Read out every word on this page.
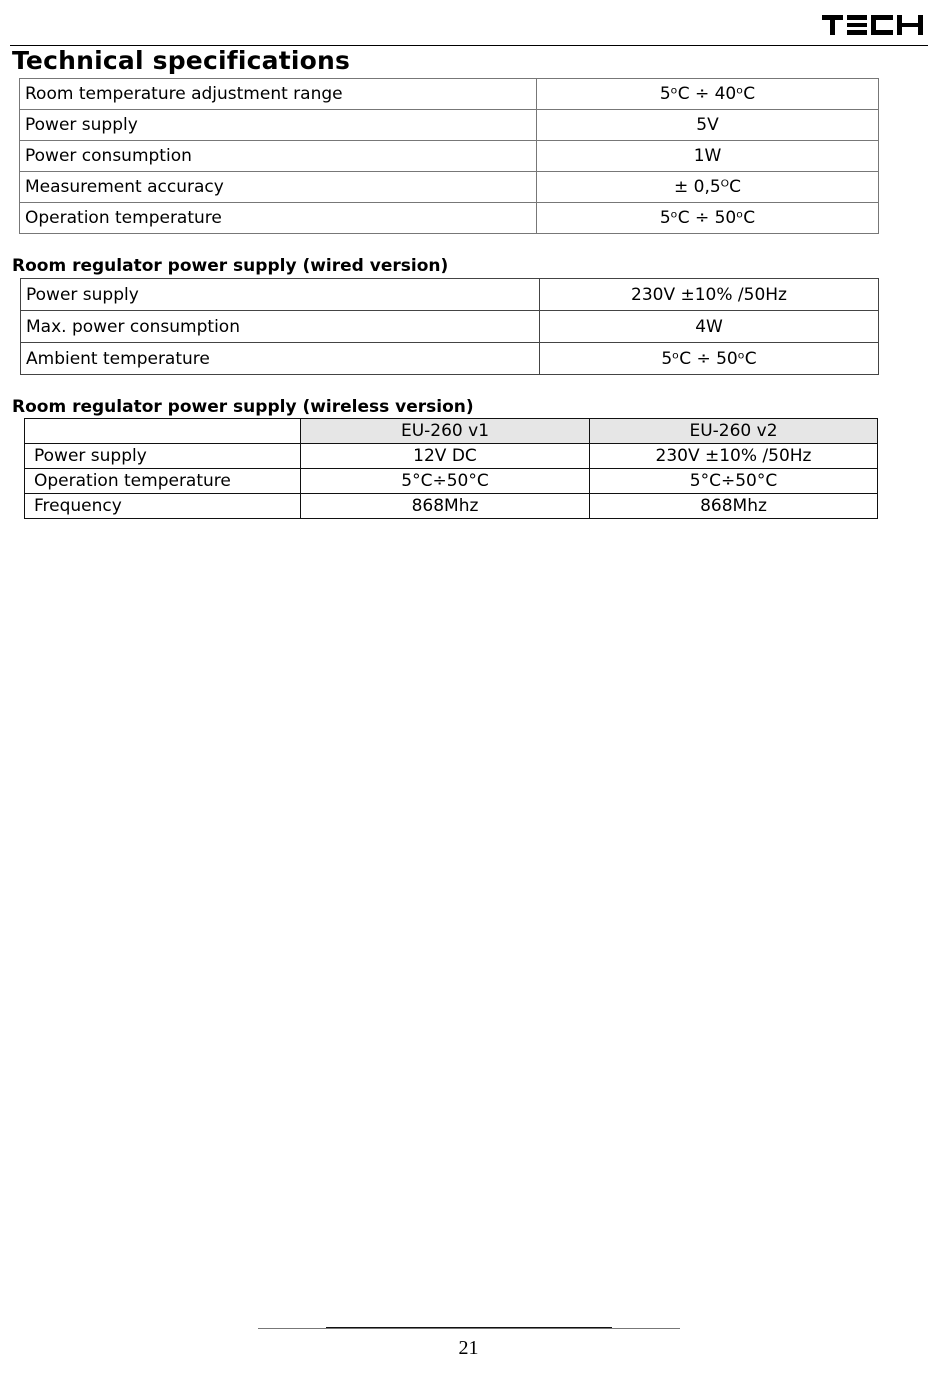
Technical specifications
Room temperature adjustment range	5ᵒC ÷ 40ᵒC
Power supply	5V
Power consumption	1W
Measurement accuracy	± 0,5ᴼC
Operation temperature	5ᵒC ÷ 50ᵒC
Room regulator power supply (wired version)
Power supply	230V ±10% /50Hz
Max. power consumption	4W
Ambient temperature	5ᵒC ÷ 50ᵒC
Room regulator power supply (wireless version)
	EU-260 v1	EU-260 v2
Power supply	12V DC	230V ±10% /50Hz
Operation temperature	5°C÷50°C	5°C÷50°C
Frequency	868Mhz	868Mhz
21
